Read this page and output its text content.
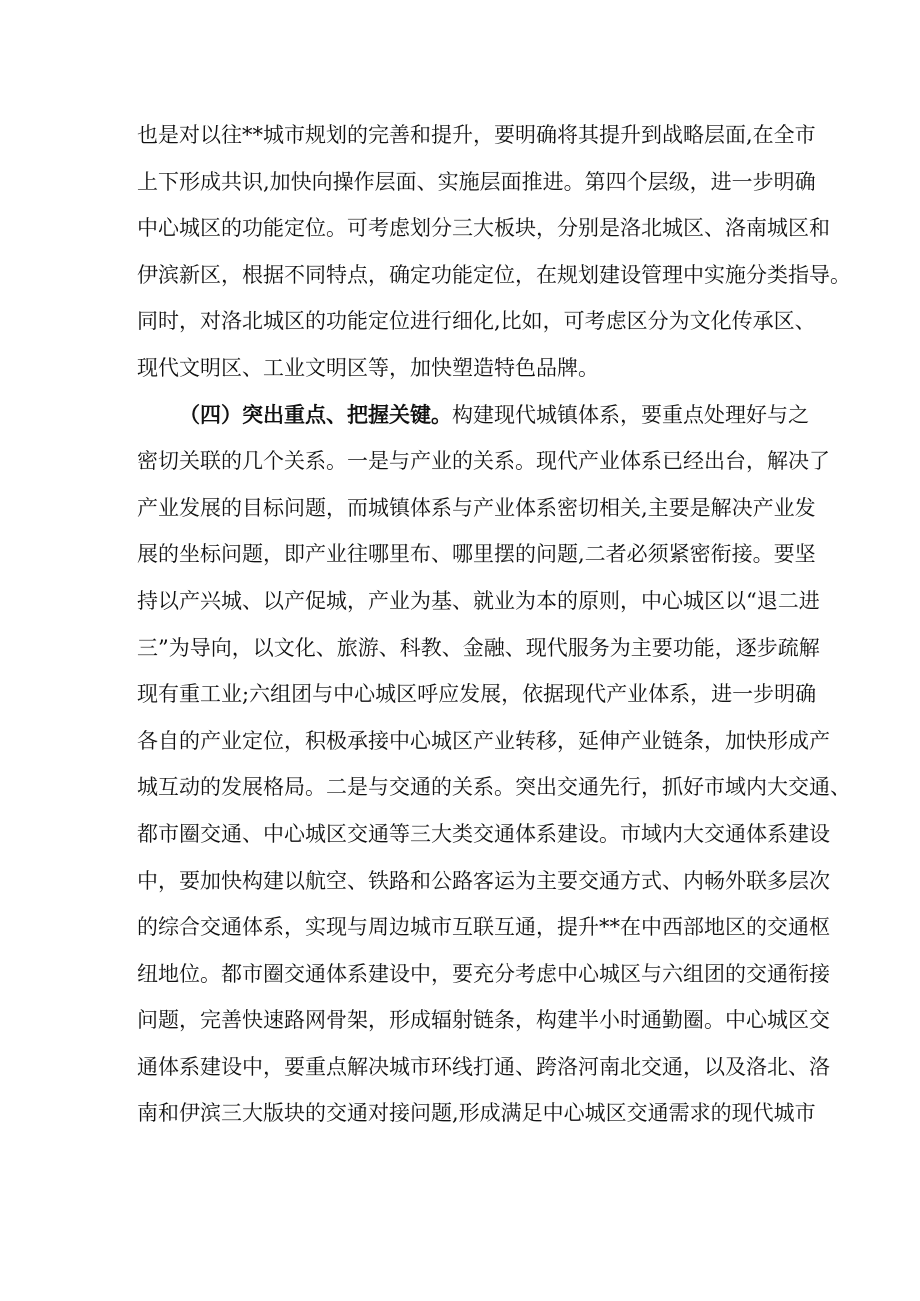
也是对以往**城市规划的完善和提升，要明确将其提升到战略层面,在全市
上下形成共识,加快向操作层面、实施层面推进。第四个层级，进一步明确
中心城区的功能定位。可考虑划分三大板块，分别是洛北城区、洛南城区和
伊滨新区，根据不同特点，确定功能定位，在规划建设管理中实施分类指导。
同时，对洛北城区的功能定位进行细化,比如，可考虑区分为文化传承区、
现代文明区、工业文明区等，加快塑造特色品牌。
（四）突出重点、把握关键。构建现代城镇体系，要重点处理好与之
密切关联的几个关系。一是与产业的关系。现代产业体系已经出台，解决了
产业发展的目标问题，而城镇体系与产业体系密切相关,主要是解决产业发
展的坐标问题，即产业往哪里布、哪里摆的问题,二者必须紧密衔接。要坚
持以产兴城、以产促城，产业为基、就业为本的原则，中心城区以“退二进
三”为导向，以文化、旅游、科教、金融、现代服务为主要功能，逐步疏解
现有重工业;六组团与中心城区呼应发展，依据现代产业体系，进一步明确
各自的产业定位，积极承接中心城区产业转移，延伸产业链条，加快形成产
城互动的发展格局。二是与交通的关系。突出交通先行，抓好市域内大交通、
都市圈交通、中心城区交通等三大类交通体系建设。市域内大交通体系建设
中，要加快构建以航空、铁路和公路客运为主要交通方式、内畅外联多层次
的综合交通体系，实现与周边城市互联互通，提升**在中西部地区的交通枢
纽地位。都市圈交通体系建设中，要充分考虑中心城区与六组团的交通衔接
问题，完善快速路网骨架，形成辐射链条，构建半小时通勤圈。中心城区交
通体系建设中，要重点解决城市环线打通、跨洛河南北交通，以及洛北、洛
南和伊滨三大版块的交通对接问题,形成满足中心城区交通需求的现代城市
